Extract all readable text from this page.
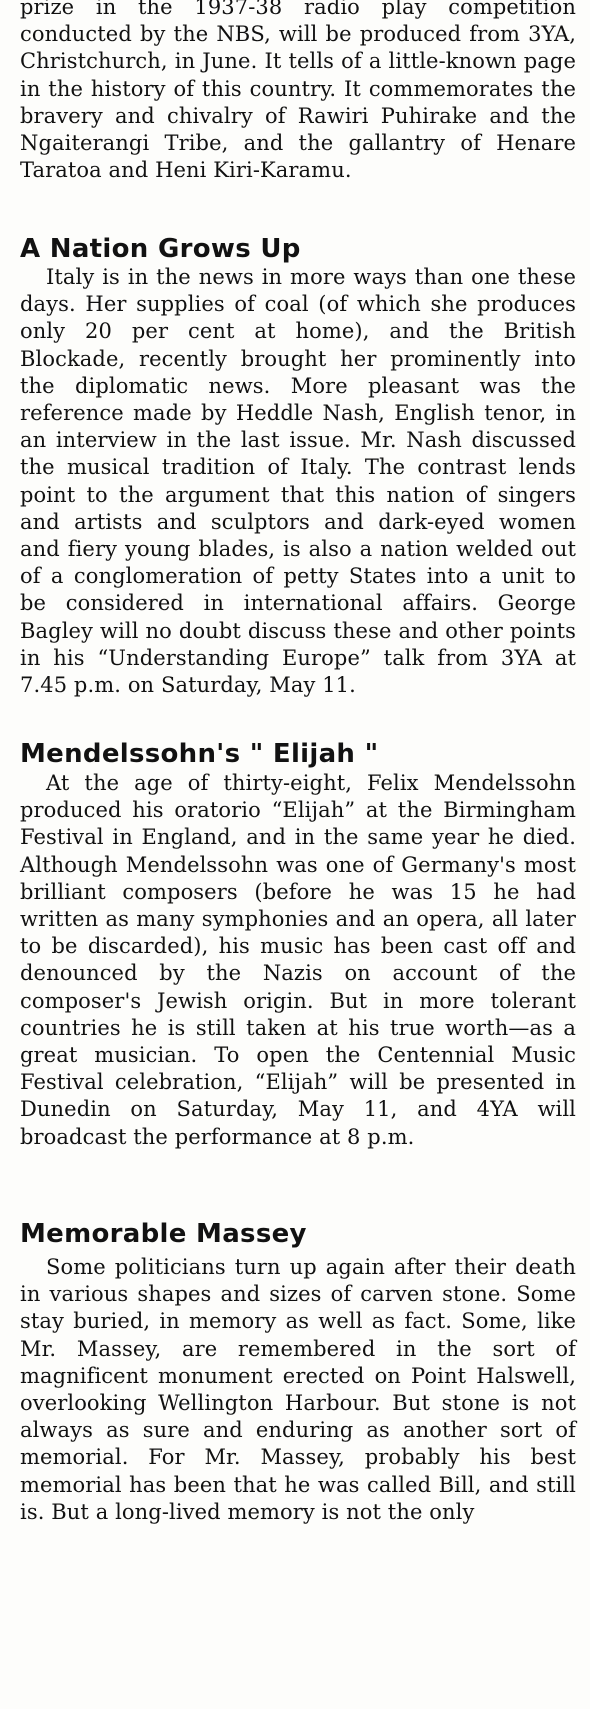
prize in the 1937-38 radio play competition conducted by the NBS, will be produced from 3YA, Christchurch, in June. It tells of a little-known page in the history of this country. It commemorates the bravery and chivalry of Rawiri Puhirake and the Ngaiterangi Tribe, and the gallantry of Henare Taratoa and Heni Kiri-Karamu.

A Nation Grows Up

Italy is in the news in more ways than one these days. Her supplies of coal (of which she produces only 20 per cent at home), and the British Blockade, recently brought her prominently into the diplomatic news. More pleasant was the reference made by Heddle Nash, English tenor, in an interview in the last issue. Mr. Nash discussed the musical tradition of Italy. The contrast lends point to the argument that this nation of singers and artists and sculptors and dark-eyed women and fiery young blades, is also a nation welded out of a conglomeration of petty States into a unit to be considered in international affairs. George Bagley will no doubt discuss these and other points in his “Understanding Europe” talk from 3YA at 7.45 p.m. on Saturday, May 11.

Mendelssohn's " Elijah "

At the age of thirty-eight, Felix Mendelssohn produced his oratorio “Elijah” at the Birmingham Festival in England, and in the same year he died. Although Mendelssohn was one of Germany's most brilliant composers (before he was 15 he had written as many symphonies and an opera, all later to be discarded), his music has been cast off and denounced by the Nazis on account of the composer's Jewish origin. But in more tolerant countries he is still taken at his true worth—as a great musician. To open the Centennial Music Festival celebration, “Elijah” will be presented in Dunedin on Saturday, May 11, and 4YA will broadcast the performance at 8 p.m.

Memorable Massey

Some politicians turn up again after their death in various shapes and sizes of carven stone. Some stay buried, in memory as well as fact. Some, like Mr. Massey, are remembered in the sort of magnificent monument erected on Point Halswell, overlooking Wellington Harbour. But stone is not always as sure and enduring as another sort of memorial. For Mr. Massey, probably his best memorial has been that he was called Bill, and still is. But a long-lived memory is not the only
